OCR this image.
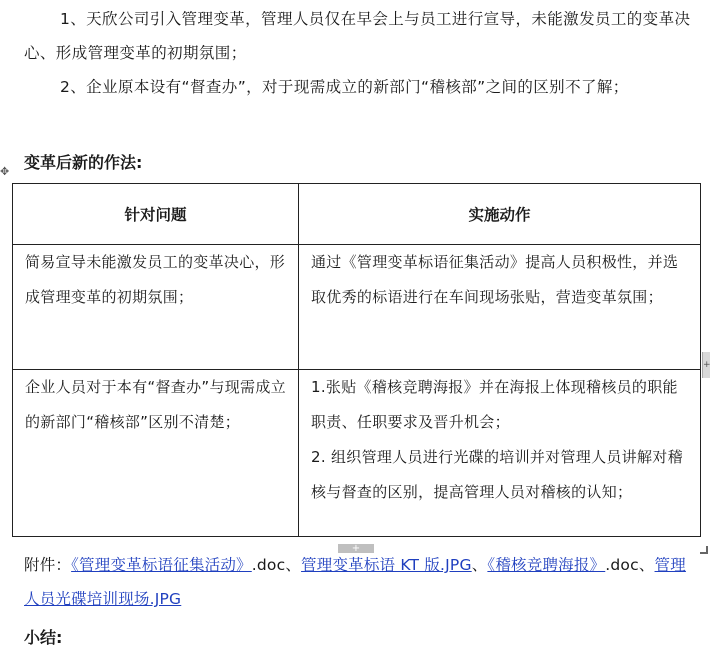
1、天欣公司引入管理变革，管理人员仅在早会上与员工进行宣导，未能激发员工的变革决心、形成管理变革的初期氛围；

2、企业原本设有“督查办”，对于现需成立的新部门“稽核部”之间的区别不了解；

变革后新的作法:

✥
针对问题	实施动作
简易宣导未能激发员工的变革决心，形成管理变革的初期氛围；	通过《管理变革标语征集活动》提高人员积极性，并选取优秀的标语进行在车间现场张贴，营造变革氛围；

企业人员对于本有“督查办”与现需成立的新部门“稽核部”区别不清楚；	1.张贴《稽核竞聘海报》并在海报上体现稽核员的职能职责、任职要求及晋升机会；
2. 组织管理人员进行光碟的培训并对管理人员讲解对稽核与督查的区别，提高管理人员对稽核的认知；
+
+
附件：《管理变革标语征集活动》.doc、管理变革标语 KT 版.JPG、《稽核竞聘海报》.doc、管理人员光碟培训现场.JPG

小结:
